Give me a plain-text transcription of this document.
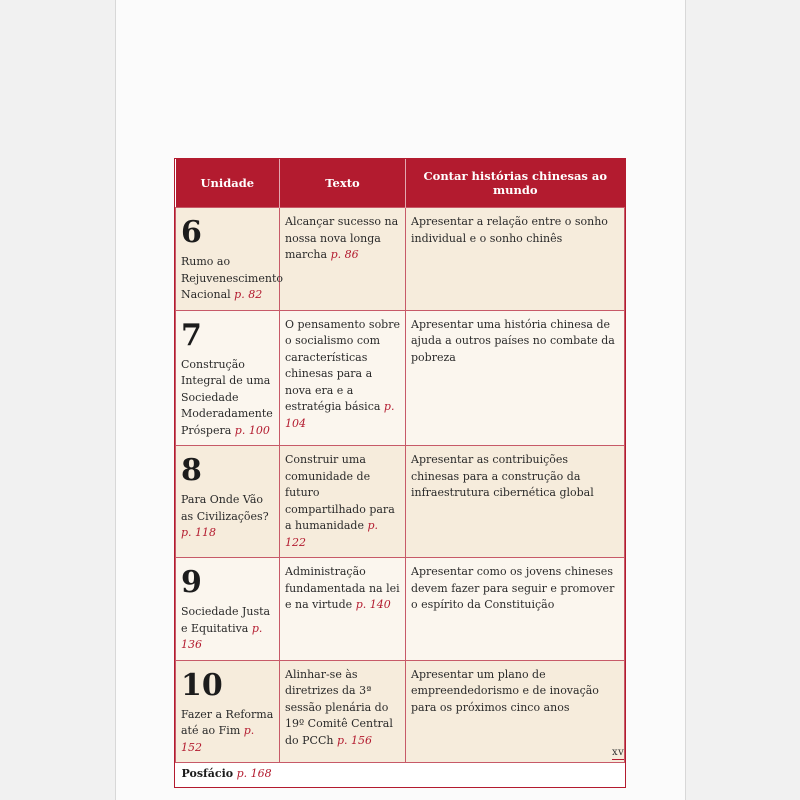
Unidade	Texto	Contar histórias chinesas ao mundo

6
Rumo ao Rejuvenescimento Nacional p. 82	Alcançar sucesso na nossa nova longa marcha p. 86	Apresentar a relação entre o sonho individual e o sonho chinês

7
Construção Integral de uma Sociedade Moderadamente Próspera p. 100	O pensamento sobre o socialismo com características chinesas para a nova era e a estratégia básica p. 104	Apresentar uma história chinesa de ajuda a outros países no combate da pobreza

8
Para Onde Vão as Civilizações? p. 118	Construir uma comunidade de futuro compartilhado para a humanidade p. 122	Apresentar as contribuições chinesas para a construção da infraestrutura cibernética global

9
Sociedade Justa e Equitativa p. 136	Administração fundamentada na lei e na virtude p. 140	Apresentar como os jovens chineses devem fazer para seguir e promover o espírito da Constituição

10
Fazer a Reforma até ao Fim p. 152	Alinhar-se às diretrizes da 3ª sessão plenária do 19º Comitê Central do PCCh p. 156	Apresentar um plano de empreendedorismo e de inovação para os próximos cinco anos
Posfácio p. 168		
xv
